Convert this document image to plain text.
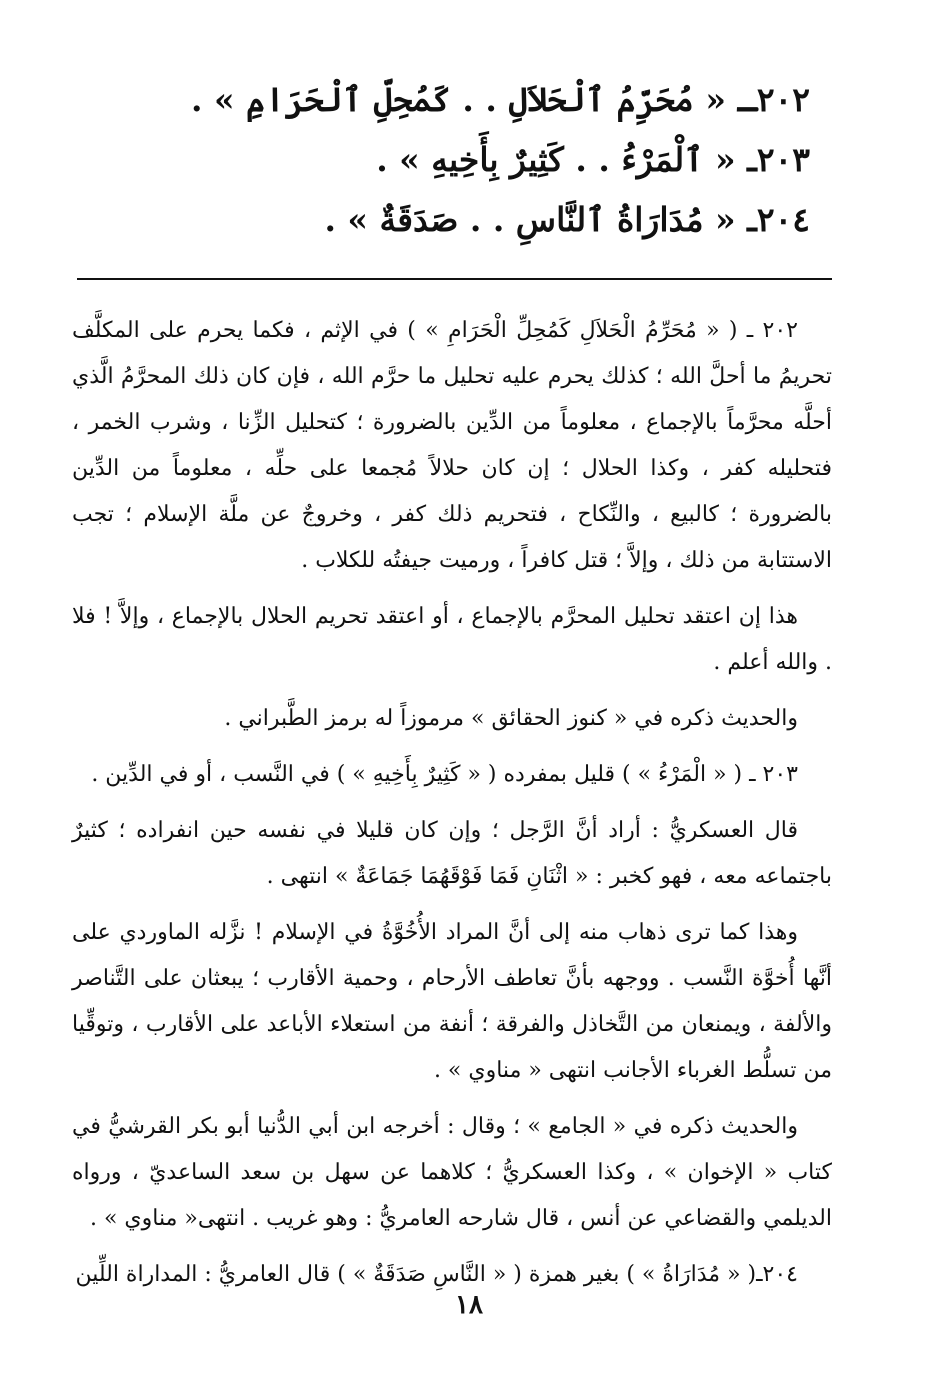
٢٠٢ـ « مُحَرِّمُ ٱلْحَلاَلِ . . كَمُحِلِّ ٱلْحَرَامِ » .

٢٠٣ـ « ٱلْمَرْءُ . . كَثِيرٌ بِأَخِيهِ » .

٢٠٤ـ « مُدَارَاةُ ٱلنَّاسِ . . صَدَقَةٌ » .

٢٠٢ ـ ( « مُحَرِّمُ الْحَلاَلِ كَمُحِلِّ الْحَرَامِ » ) في الإثم ، فكما يحرم على المكلَّف تحريمُ ما أحلَّ الله ؛ كذلك يحرم عليه تحليل ما حرَّم الله ، فإن كان ذلك المحرَّمُ الَّذي أحلَّه محرَّماً بالإجماع ، معلوماً من الدِّين بالضرورة ؛ كتحليل الزِّنا ، وشرب الخمر ، فتحليله كفر ، وكذا الحلال ؛ إن كان حلالاً مُجمعا على حلِّه ، معلوماً من الدِّين بالضرورة ؛ كالبيع ، والنِّكاح ، فتحريم ذلك كفر ، وخروجٌ عن ملَّة الإسلام ؛ تجب الاستتابة من ذلك ، وإلاَّ ؛ قتل كافراً ، ورميت جيفتُه للكلاب .

هذا إن اعتقد تحليل المحرَّم بالإجماع ، أو اعتقد تحريم الحلال بالإجماع ، وإلاَّ ! فلا . والله أعلم .

والحديث ذكره في « كنوز الحقائق » مرموزاً له برمز الطَّبراني .

٢٠٣ ـ ( « الْمَرْءُ » ) قليل بمفرده ( « كَثِيرٌ بِأَخِيهِ » ) في النَّسب ، أو في الدِّين .

قال العسكريُّ : أراد أنَّ الرَّجل ؛ وإن كان قليلا في نفسه حين انفراده ؛ كثيرٌ باجتماعه معه ، فهو كخبر : « اثْنَانِ فَمَا فَوْقَهُمَا جَمَاعَةٌ » انتهى .

وهذا كما ترى ذهاب منه إلى أنَّ المراد الأُخُوَّةُ في الإسلام ! نزَّله الماوردي على أنَّها أُخوَّة النَّسب . ووجهه بأنَّ تعاطف الأرحام ، وحمية الأقارب ؛ يبعثان على التَّناصر والألفة ، ويمنعان من التَّخاذل والفرقة ؛ أنفة من استعلاء الأباعد على الأقارب ، وتوقِّيا من تسلُّط الغرباء الأجانب انتهى « مناوي » .

والحديث ذكره في « الجامع » ؛ وقال : أخرجه ابن أبي الدُّنيا أبو بكر القرشيُّ في كتاب « الإخوان » ، وكذا العسكريُّ ؛ كلاهما عن سهل بن سعد الساعديّ ، ورواه الديلمي والقضاعي عن أنس ، قال شارحه العامريُّ : وهو غريب . انتهى« مناوي » .

٢٠٤ـ( « مُدَارَاةُ » ) بغير همزة ( « النَّاسِ صَدَقَةٌ » ) قال العامريُّ : المداراة اللِّين

١٨
